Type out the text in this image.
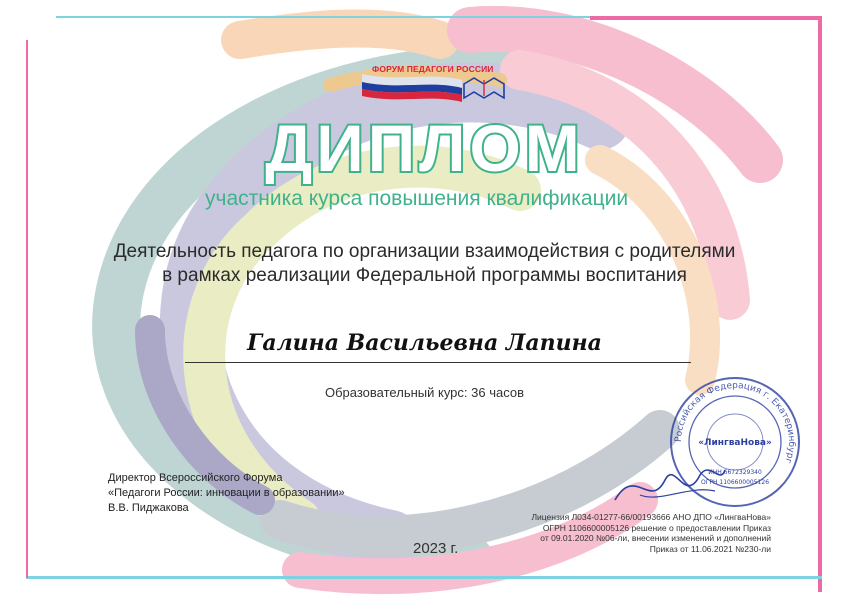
ФОРУМ ПЕДАГОГИ РОССИИ
ДИПЛОМ
участника курса повышения квалификации
Деятельность педагога по организации взаимодействия с родителями
в рамках реализации Федеральной программы воспитания
Галина Васильевна Лапина
Образовательный курс: 36 часов
Директор Всероссийского Форума
«Педагоги России: инновации в образовании»
В.В. Пиджакова
Российская Федерация г. Екатеринбург
«ЛингваНова»
ИНН 6672329340
ОГРН 1106600005126
Лицензия Л034-01277-66/00193666 АНО ДПО «ЛингваНова»
ОГРН 1106600005126 решение о предоставлении Приказ
от 09.01.2020 №06-ли, внесении изменений и дополнений
Приказ от 11.06.2021 №230-ли
2023 г.
